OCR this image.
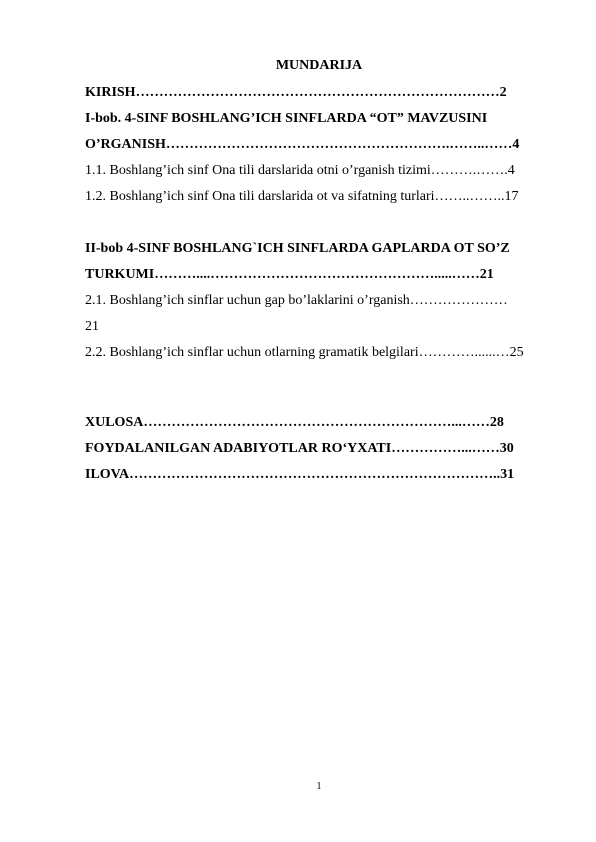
MUNDARIJA
KIRISH……………………………………………………………………2
I-bob. 4-SINF BOSHLANG’ICH SINFLARDA “OT” MAVZUSINI
O’RGANISH…………………………………………………….……..……4
1.1. Boshlang’ich sinf Ona tili darslarida otni o’rganish tizimi……….…….4
1.2. Boshlang’ich sinf Ona tili darslarida ot va sifatning turlari……..……..17
II-bob 4-SINF BOSHLANG`ICH SINFLARDA GAPLARDA OT SO’Z
TURKUMI………....………………………………………….....……21
2.1. Boshlang’ich sinflar uchun gap bo’laklarini o’rganish…………………
21
2.2. Boshlang’ich sinflar uchun otlarning gramatik belgilari…………......…25
XULOSA…………………………………………………………...……28
FOYDALANILGAN ADABIYOTLAR RO‘YXATI……………...……30
ILOVA……………………………………………………………………..31
1
